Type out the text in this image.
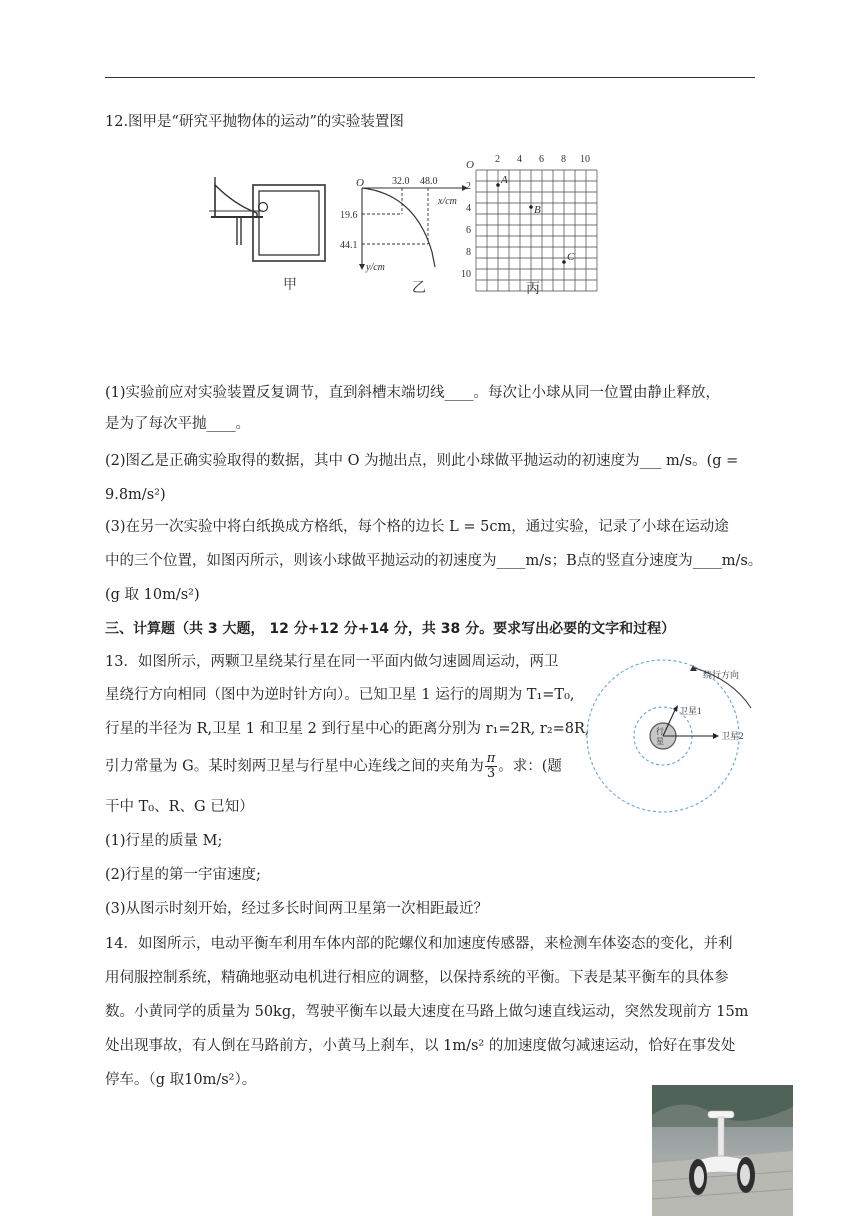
12.图甲是“研究平抛物体的运动”的实验装置图
甲
O	32.0 48.0
x/cm
19.6
44.1
y/cm
乙
O 2 4 6 8 10
2
4
6
8
10
A
B
C
丙
(1)实验前应对实验装置反复调节，直到斜槽末端切线____。每次让小球从同一位置由静止释放，
是为了每次平抛____。
(2)图乙是正确实验取得的数据，其中 O 为抛出点，则此小球做平抛运动的初速度为___ m/s。(g =
9.8m/s²)
(3)在另一次实验中将白纸换成方格纸，每个格的边长 L = 5cm，通过实验，记录了小球在运动途
中的三个位置，如图丙所示，则该小球做平抛运动的初速度为____m/s；B点的竖直分速度为____m/s。
(g 取 10m/s²)
三、计算题（共 3 大题， 12 分+12 分+14 分，共 38 分。要求写出必要的文字和过程）
13．如图所示，两颗卫星绕某行星在同一平面内做匀速圆周运动，两卫
星绕行方向相同（图中为逆时针方向）。已知卫星 1 运行的周期为 T₁=T₀,
行星的半径为 R,卫星 1 和卫星 2 到行星中心的距离分别为 r₁=2R, r₂=8R,
引力常量为 G。某时刻两卫星与行星中心连线之间的夹角为 $\frac{\pi}{3}$ 。求：(题
干中 T₀、R、G 已知）
(1)行星的质量 M;
(2)行星的第一宇宙速度;
(3)从图示时刻开始，经过多长时间两卫星第一次相距最近？
行
星
卫星1
卫星2
绕行方向
14．如图所示，电动平衡车利用车体内部的陀螺仪和加速度传感器，来检测车体姿态的变化，并利
用伺服控制系统，精确地驱动电机进行相应的调整，以保持系统的平衡。下表是某平衡车的具体参
数。小黄同学的质量为 50kg，驾驶平衡车以最大速度在马路上做匀速直线运动，突然发现前方 15m
处出现事故，有人倒在马路前方，小黄马上刹车，以 1m/s² 的加速度做匀减速运动，恰好在事发处
停车。（g 取10m/s²）。
